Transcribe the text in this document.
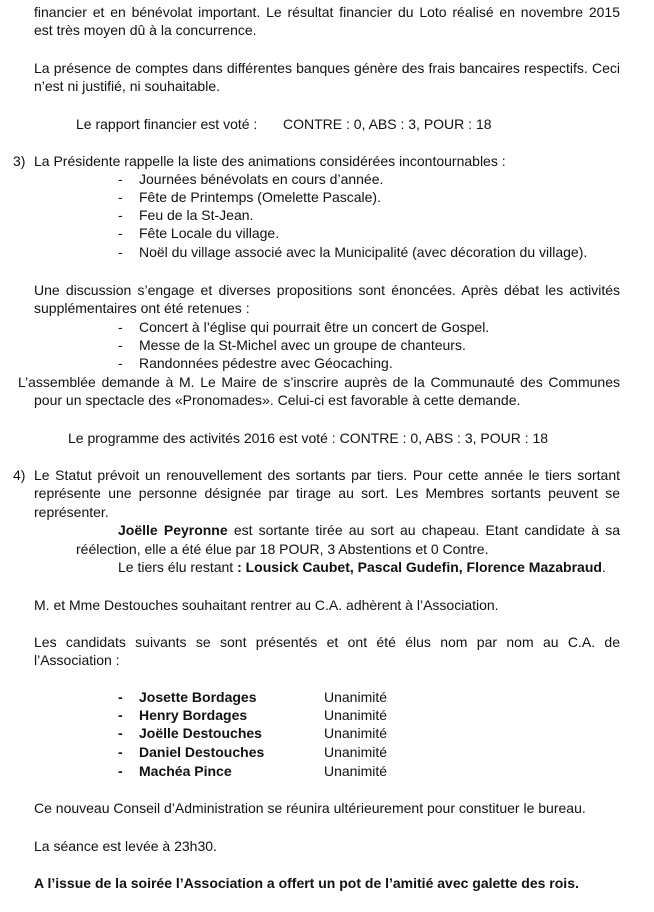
financier et en bénévolat important. Le résultat financier du Loto réalisé en novembre 2015
est très moyen dû à la concurrence.
La présence de comptes dans différentes banques génère des frais bancaires respectifs. Ceci
n’est ni justifié, ni souhaitable.
Le rapport financier est voté : CONTRE : 0, ABS : 3, POUR : 18
3) La Présidente rappelle la liste des animations considérées incontournables :
- Journées bénévolats en cours d’année.
- Fête de Printemps (Omelette Pascale).
- Feu de la St-Jean.
- Fête Locale du village.
- Noël du village associé avec la Municipalité (avec décoration du village).
Une discussion s’engage et diverses propositions sont énoncées. Après débat les activités
supplémentaires ont été retenues :
- Concert à l’église qui pourrait être un concert de Gospel.
- Messe de la St-Michel avec un groupe de chanteurs.
- Randonnées pédestre avec Géocaching.
L’assemblée demande à M. Le Maire de s’inscrire auprès de la Communauté des Communes
pour un spectacle des «Pronomades». Celui-ci est favorable à cette demande.
Le programme des activités 2016 est voté : CONTRE : 0, ABS : 3, POUR : 18
4) Le Statut prévoit un renouvellement des sortants par tiers. Pour cette année le tiers sortant
représente une personne désignée par tirage au sort. Les Membres sortants peuvent se
représenter.
Joëlle Peyronne est sortante tirée au sort au chapeau. Etant candidate à sa
réélection, elle a été élue par 18 POUR, 3 Abstentions et 0 Contre.
Le tiers élu restant : Lousick Caubet, Pascal Gudefin, Florence Mazabraud.
M. et Mme Destouches souhaitant rentrer au C.A. adhèrent à l’Association.
Les candidats suivants se sont présentés et ont été élus nom par nom au C.A. de
l’Association :
- Josette Bordages	Unanimité
- Henry Bordages	Unanimité
- Joëlle Destouches	Unanimité
- Daniel Destouches	Unanimité
- Machéa Pince	Unanimité
Ce nouveau Conseil d’Administration se réunira ultérieurement pour constituer le bureau.
La séance est levée à 23h30.
A l’issue de la soirée l’Association a offert un pot de l’amitié avec galette des rois.
